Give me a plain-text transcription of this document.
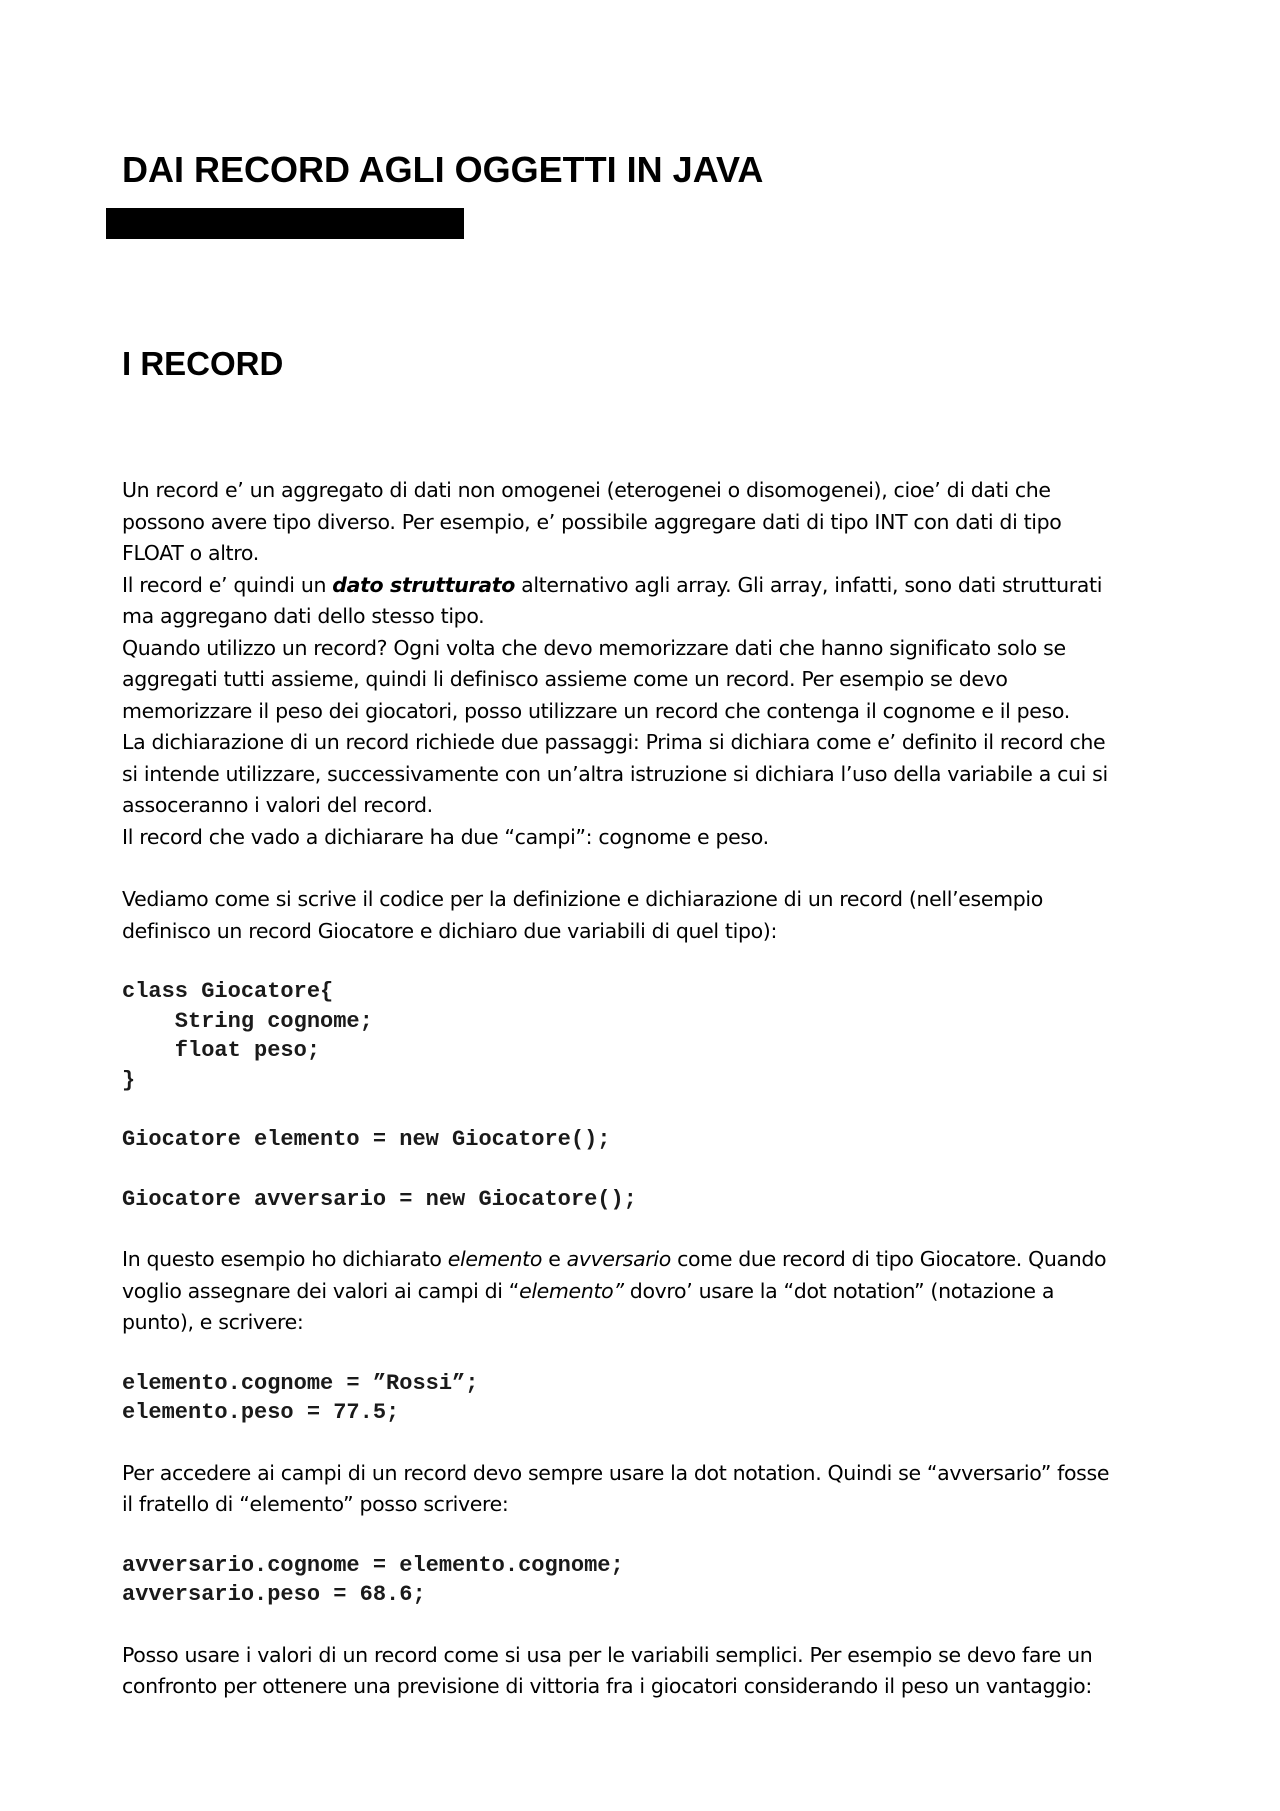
DAI RECORD AGLI OGGETTI IN JAVA
I RECORD

Un record e’ un aggregato di dati non omogenei (eterogenei o disomogenei), cioe’ di dati che

possono avere tipo diverso. Per esempio, e’ possibile aggregare dati di tipo INT con dati di tipo

FLOAT o altro.

Il record e’ quindi un dato strutturato alternativo agli array. Gli array, infatti, sono dati strutturati

ma aggregano dati dello stesso tipo.

Quando utilizzo un record? Ogni volta che devo memorizzare dati che hanno significato solo se

aggregati tutti assieme, quindi li definisco assieme come un record. Per esempio se devo

memorizzare il peso dei giocatori, posso utilizzare un record che contenga il cognome e il peso.

La dichiarazione di un record richiede due passaggi: Prima si dichiara come e’ definito il record che

si intende utilizzare, successivamente con un’altra istruzione si dichiara l’uso della variabile a cui si

assoceranno i valori del record.

Il record che vado a dichiarare ha due “campi”: cognome e peso.

Vediamo come si scrive il codice per la definizione e dichiarazione di un record (nell’esempio

definisco un record Giocatore e dichiaro due variabili di quel tipo):

class Giocatore{

String cognome;

float peso;

}

Giocatore elemento = new Giocatore();

Giocatore avversario = new Giocatore();

In questo esempio ho dichiarato elemento e avversario come due record di tipo Giocatore. Quando

voglio assegnare dei valori ai campi di “elemento” dovro’ usare la “dot notation” (notazione a

punto), e scrivere:

elemento.cognome = ”Rossi”;

elemento.peso = 77.5;

Per accedere ai campi di un record devo sempre usare la dot notation. Quindi se “avversario” fosse

il fratello di “elemento” posso scrivere:

avversario.cognome = elemento.cognome;

avversario.peso = 68.6;

Posso usare i valori di un record come si usa per le variabili semplici. Per esempio se devo fare un

confronto per ottenere una previsione di vittoria fra i giocatori considerando il peso un vantaggio:
